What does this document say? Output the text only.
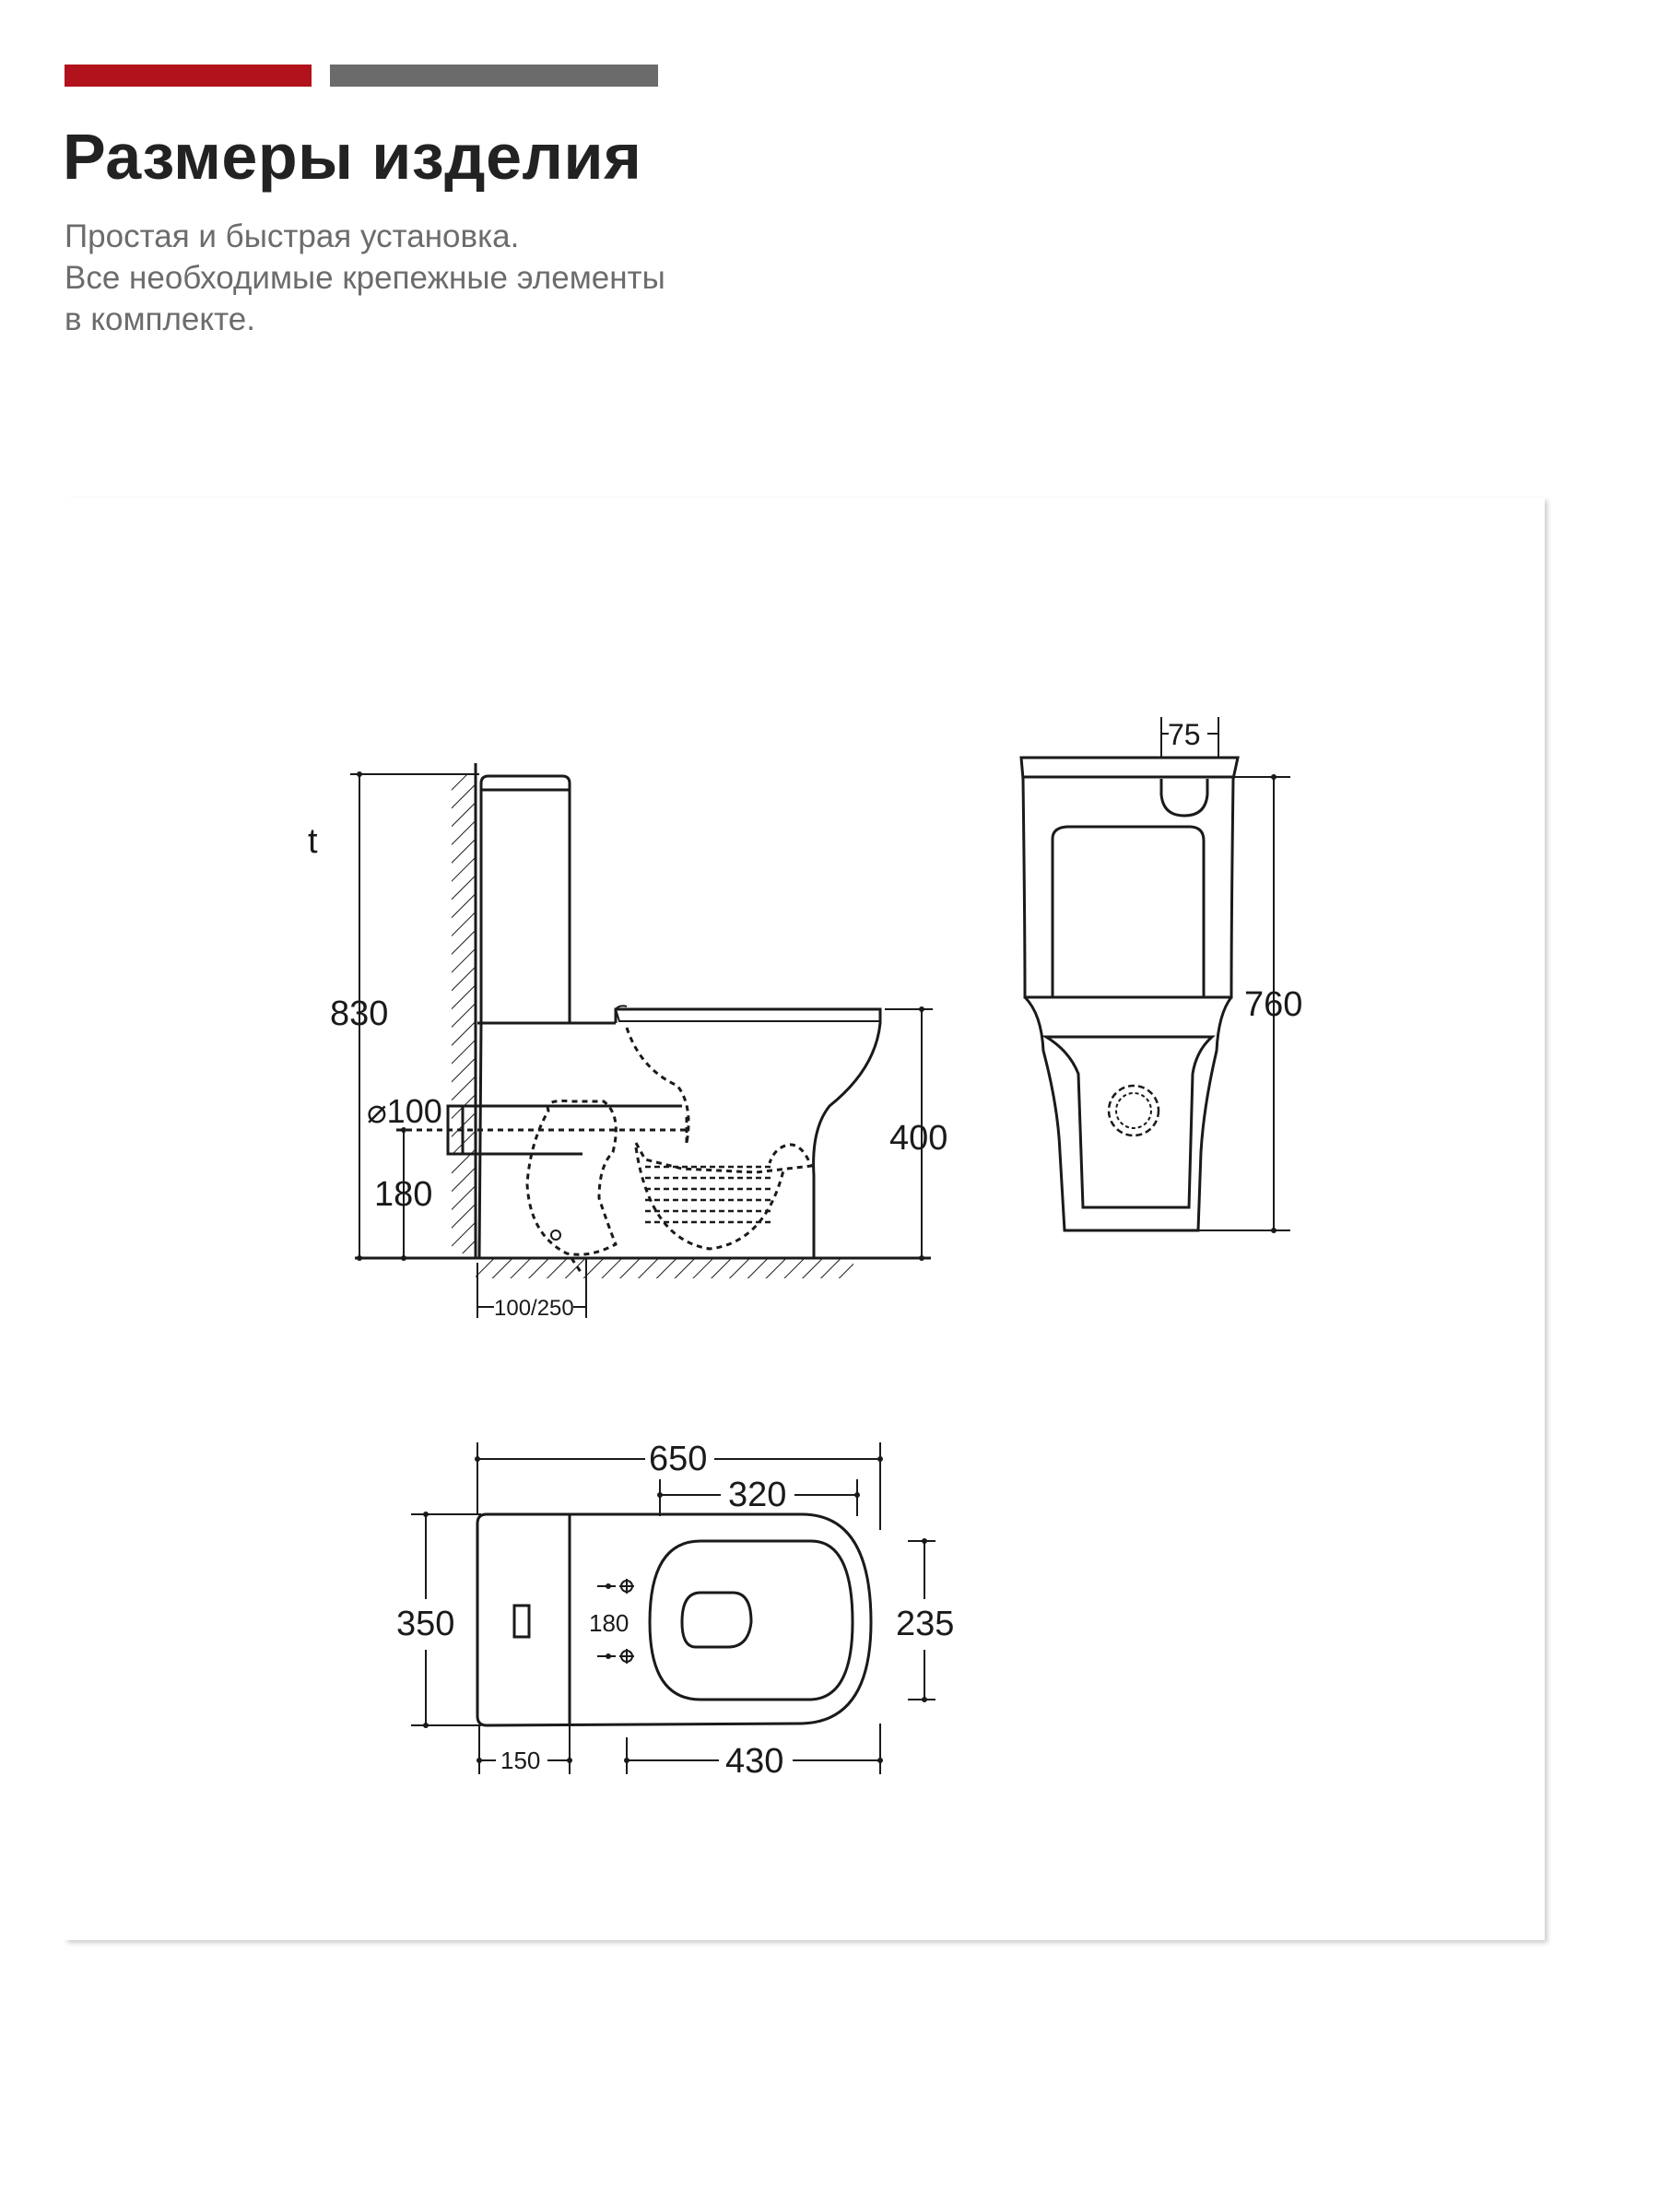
Размеры изделия
Простая и быстрая установка.
Все необходимые крепежные элементы
в комплекте.
830
t
180
⌀100
400
100/250
75
760
180
650
320
350	235
150	430
